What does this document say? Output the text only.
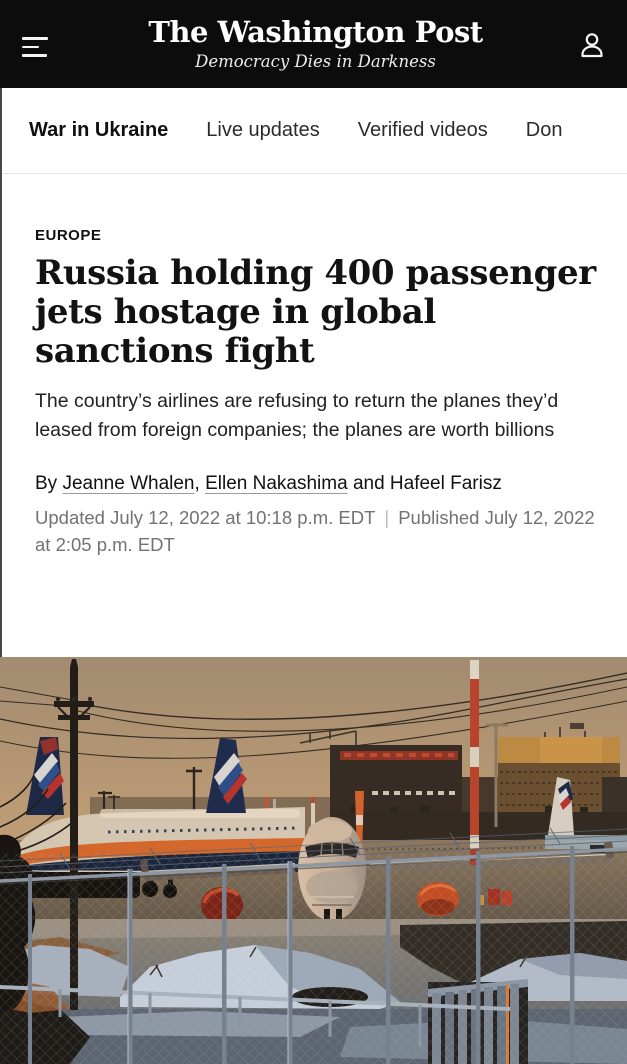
The Washington Post
Democracy Dies in Darkness
War in Ukraine Live updates Verified videos Don
EUROPE
Russia holding 400 passenger jets hostage in global sanctions fight

The country’s airlines are refusing to return the planes they’d leased from foreign companies; the planes are worth billions

By Jeanne Whalen, Ellen Nakashima and Hafeel Farisz
Updated July 12, 2022 at 10:18 p.m. EDT | Published July 12, 2022 at 2:05 p.m. EDT
